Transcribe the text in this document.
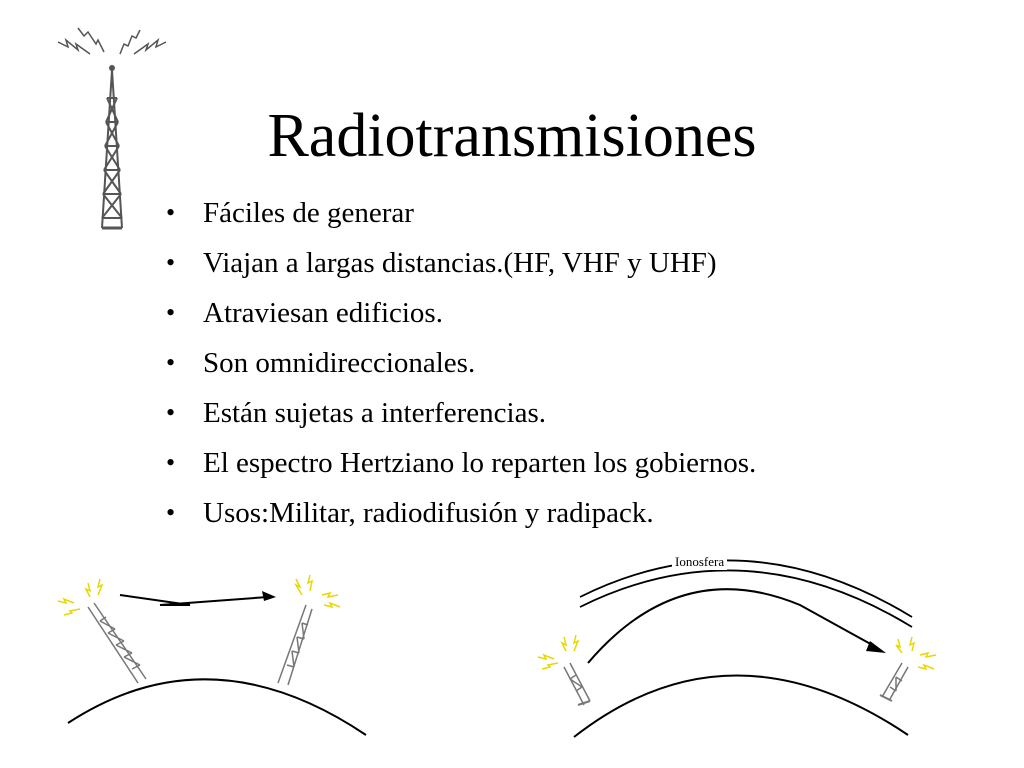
Radiotransmisiones
• Fáciles de generar
• Viajan a largas distancias.(HF, VHF y UHF)
• Atraviesan edificios.
• Son omnidireccionales.
• Están sujetas a interferencias.
• El espectro Hertziano lo reparten los gobiernos.
• Usos:Militar, radiodifusión y radipack.
Ionosfera
